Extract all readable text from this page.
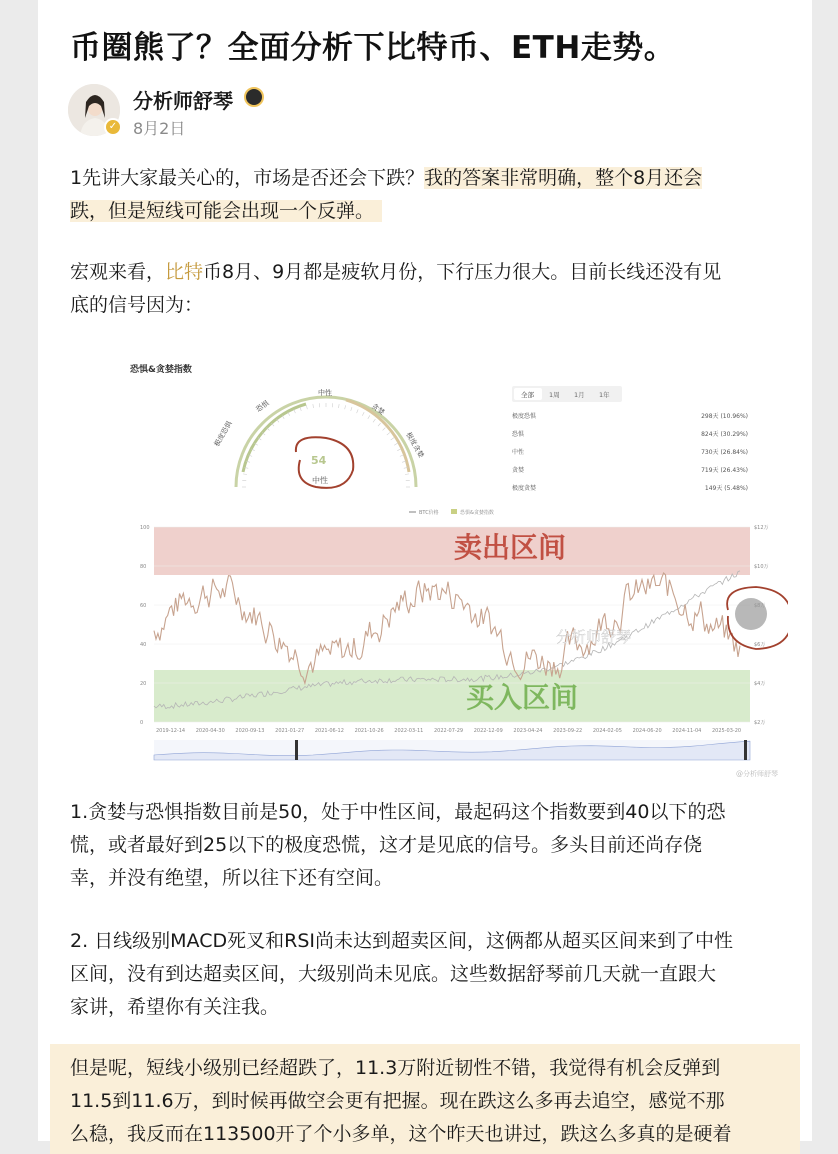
币圈熊了？全面分析下比特币、ETH走势。
✓
分析师舒琴
8月2日
1先讲大家最关心的，市场是否还会下跌？我的答案非常明确，整个8月还会
跌，但是短线可能会出现一个反弹。
宏观来看，比特币8月、9月都是疲软月份，下行压力很大。目前长线还没有见
底的信号因为：
恐惧&贪婪指数
极度恐惧
恐惧
中性
贪婪
极度贪婪
54
中性
全部 1周 1月 1年
极度恐惧	298天 (10.96%)
恐惧	824天 (30.29%)
中性	730天 (26.84%)
贪婪	719天 (26.43%)
极度贪婪	149天 (5.48%)
BTC价格	恐惧&贪婪指数
100
80
60
40
20
0
$12万
$10万
$6万
$4万
$2万
卖出区间
买入区间
分析师舒琴
2019-12-14 2020-04-30 2020-09-13 2021-01-27 2021-06-12 2021-10-26 2022-03-11 2022-07-29 2022-12-09 2023-04-24 2023-09-22 2024-02-05 2024-06-20 2024-11-04 2025-03-20
@分析师舒琴
1.贪婪与恐惧指数目前是50，处于中性区间，最起码这个指数要到40以下的恐
慌，或者最好到25以下的极度恐慌，这才是见底的信号。多头目前还尚存侥
幸，并没有绝望，所以往下还有空间。
2. 日线级别MACD死叉和RSI尚未达到超卖区间，这俩都从超买区间来到了中性
区间，没有到达超卖区间，大级别尚未见底。这些数据舒琴前几天就一直跟大
家讲，希望你有关注我。
但是呢，短线小级别已经超跌了，11.3万附近韧性不错，我觉得有机会反弹到
11.5到11.6万，到时候再做空会更有把握。现在跌这么多再去追空，感觉不那
么稳，我反而在113500开了个小多单，这个昨天也讲过，跌这么多真的是硬着
